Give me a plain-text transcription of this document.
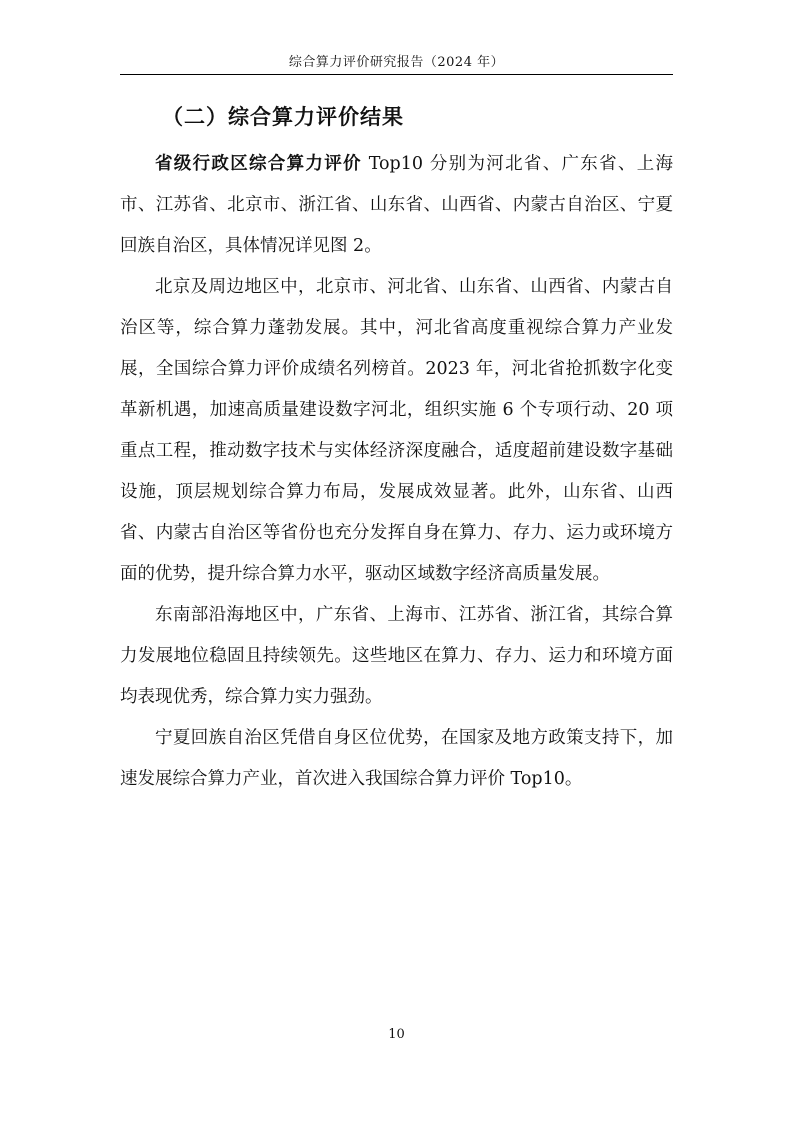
综合算力评价研究报告（2024 年）
（二）综合算力评价结果

省级行政区综合算力评价 Top10 分别为河北省、广东省、上海市、江苏省、北京市、浙江省、山东省、山西省、内蒙古自治区、宁夏回族自治区，具体情况详见图 2。

北京及周边地区中，北京市、河北省、山东省、山西省、内蒙古自治区等，综合算力蓬勃发展。其中，河北省高度重视综合算力产业发展，全国综合算力评价成绩名列榜首。2023 年，河北省抢抓数字化变革新机遇，加速高质量建设数字河北，组织实施 6 个专项行动、20 项重点工程，推动数字技术与实体经济深度融合，适度超前建设数字基础设施，顶层规划综合算力布局，发展成效显著。此外，山东省、山西省、内蒙古自治区等省份也充分发挥自身在算力、存力、运力或环境方面的优势，提升综合算力水平，驱动区域数字经济高质量发展。

东南部沿海地区中，广东省、上海市、江苏省、浙江省，其综合算力发展地位稳固且持续领先。这些地区在算力、存力、运力和环境方面均表现优秀，综合算力实力强劲。

宁夏回族自治区凭借自身区位优势，在国家及地方政策支持下，加速发展综合算力产业，首次进入我国综合算力评价 Top10。

10
